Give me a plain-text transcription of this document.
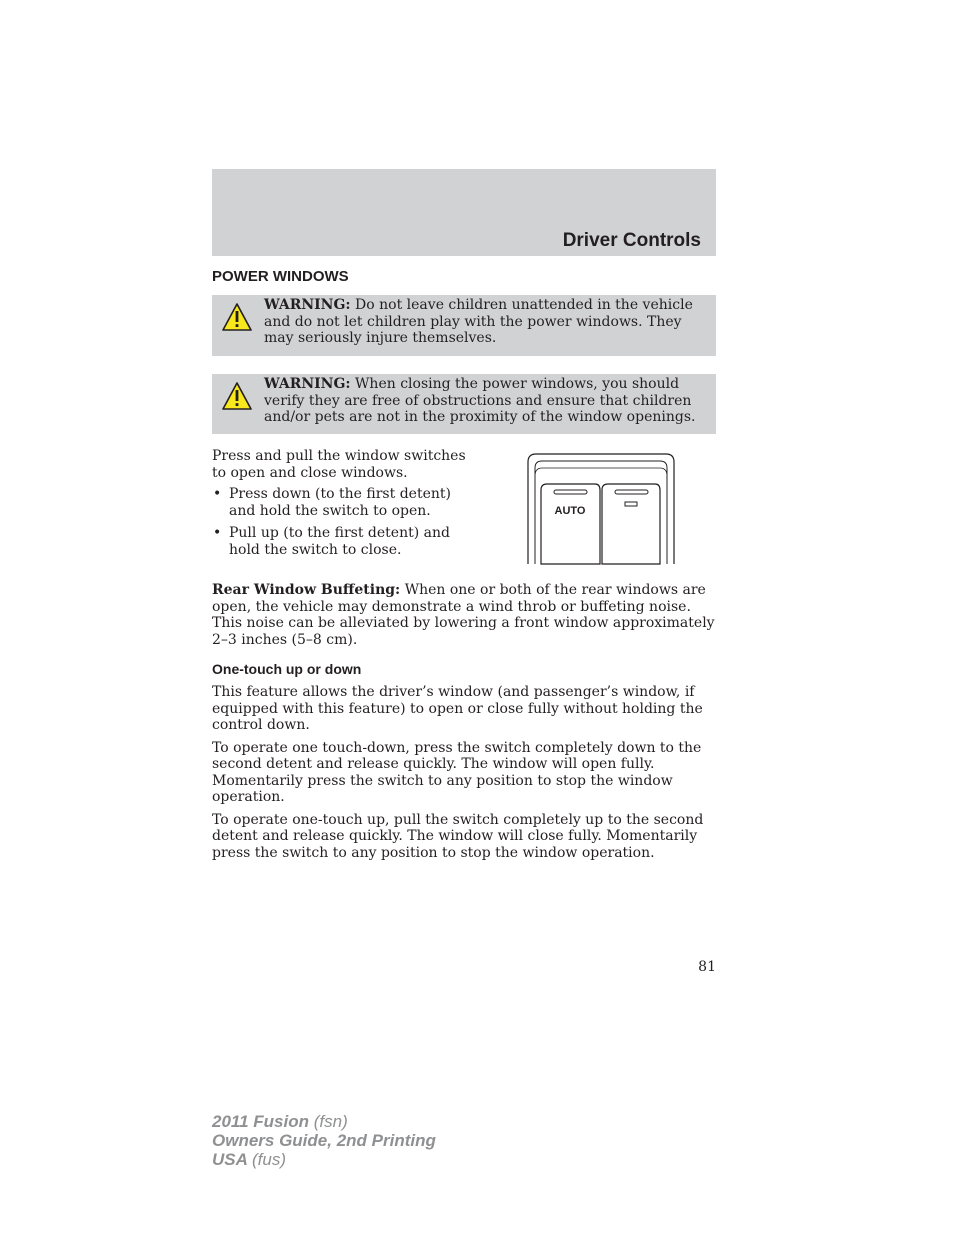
Driver Controls
POWER WINDOWS
WARNING: Do not leave children unattended in the vehicle and do not let children play with the power windows. They may seriously injure themselves.
WARNING: When closing the power windows, you should verify they are free of obstructions and ensure that children and/or pets are not in the proximity of the window openings.

Press and pull the window switches to open and close windows.

• Press down (to the first detent) and hold the switch to open.
• Pull up (to the first detent) and hold the switch to close.
AUTO
Rear Window Buffeting: When one or both of the rear windows are open, the vehicle may demonstrate a wind throb or buffeting noise. This noise can be alleviated by lowering a front window approximately 2–3 inches (5–8 cm).
One-touch up or down

This feature allows the driver’s window (and passenger’s window, if equipped with this feature) to open or close fully without holding the control down.

To operate one touch-down, press the switch completely down to the second detent and release quickly. The window will open fully. Momentarily press the switch to any position to stop the window operation.

To operate one-touch up, pull the switch completely up to the second detent and release quickly. The window will close fully. Momentarily press the switch to any position to stop the window operation.

81
2011 Fusion (fsn)
Owners Guide, 2nd Printing
USA (fus)
